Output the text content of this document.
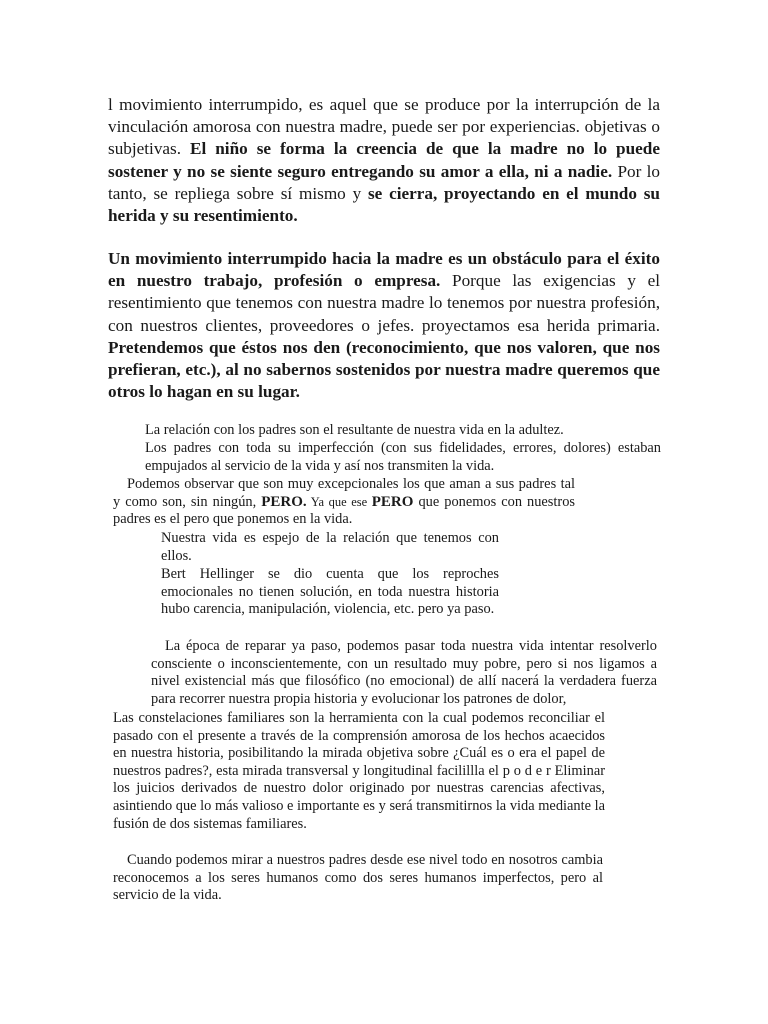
l movimiento interrumpido, es aquel que se produce por la interrupción de la vinculación amorosa con nuestra madre, puede ser por experiencias. objetivas o subjetivas. El niño se forma la creencia de que la madre no lo puede sostener y no se siente seguro entregando su amor a ella, ni a nadie. Por lo tanto, se repliega sobre sí mismo y se cierra, proyectando en el mundo su herida y su resentimiento.
Un movimiento interrumpido hacia la madre es un obstáculo para el éxito en nuestro trabajo, profesión o empresa. Porque las exigencias y el resentimiento que tenemos con nuestra madre lo tenemos por nuestra profesión, con nuestros clientes, proveedores o jefes. proyectamos esa herida primaria. Pretendemos que éstos nos den (reconocimiento, que nos valoren, que nos prefieran, etc.), al no sabernos sostenidos por nuestra madre queremos que otros lo hagan en su lugar.
La relación con los padres son el resultante de nuestra vida en la adultez.
Los padres con toda su imperfección (con sus fidelidades, errores, dolores) estaban empujados al servicio de la vida y así nos transmiten la vida.
Podemos observar que son muy excepcionales los que aman a sus padres tal y como son, sin ningún, PERO. Ya que ese PERO que ponemos con nuestros padres es el pero que ponemos en la vida.
Nuestra vida es espejo de la relación que tenemos con ellos.
Bert Hellinger se dio cuenta que los reproches emocionales no tienen solución, en toda nuestra historia hubo carencia, manipulación, violencia, etc. pero ya paso.
La época de reparar ya paso, podemos pasar toda nuestra vida intentar resolverlo consciente o inconscientemente, con un resultado muy pobre, pero si nos ligamos a nivel existencial más que filosófico (no emocional) de allí nacerá la verdadera fuerza para recorrer nuestra propia historia y evolucionar los patrones de dolor,
Las constelaciones familiares son la herramienta con la cual podemos reconciliar el pasado con el presente a través de la comprensión amorosa de los hechos acaecidos en nuestra historia, posibilitando la mirada objetiva sobre ¿Cuál es o era el papel de nuestros padres?, esta mirada transversal y longitudinal facilillla el p o d e r Eliminar los juicios derivados de nuestro dolor originado por nuestras carencias afectivas, asintiendo que lo más valioso e importante es y será transmitirnos la vida mediante la fusión de dos sistemas familiares.
Cuando podemos mirar a nuestros padres desde ese nivel todo en nosotros cambia reconocemos a los seres humanos como dos seres humanos imperfectos, pero al servicio de la vida.
